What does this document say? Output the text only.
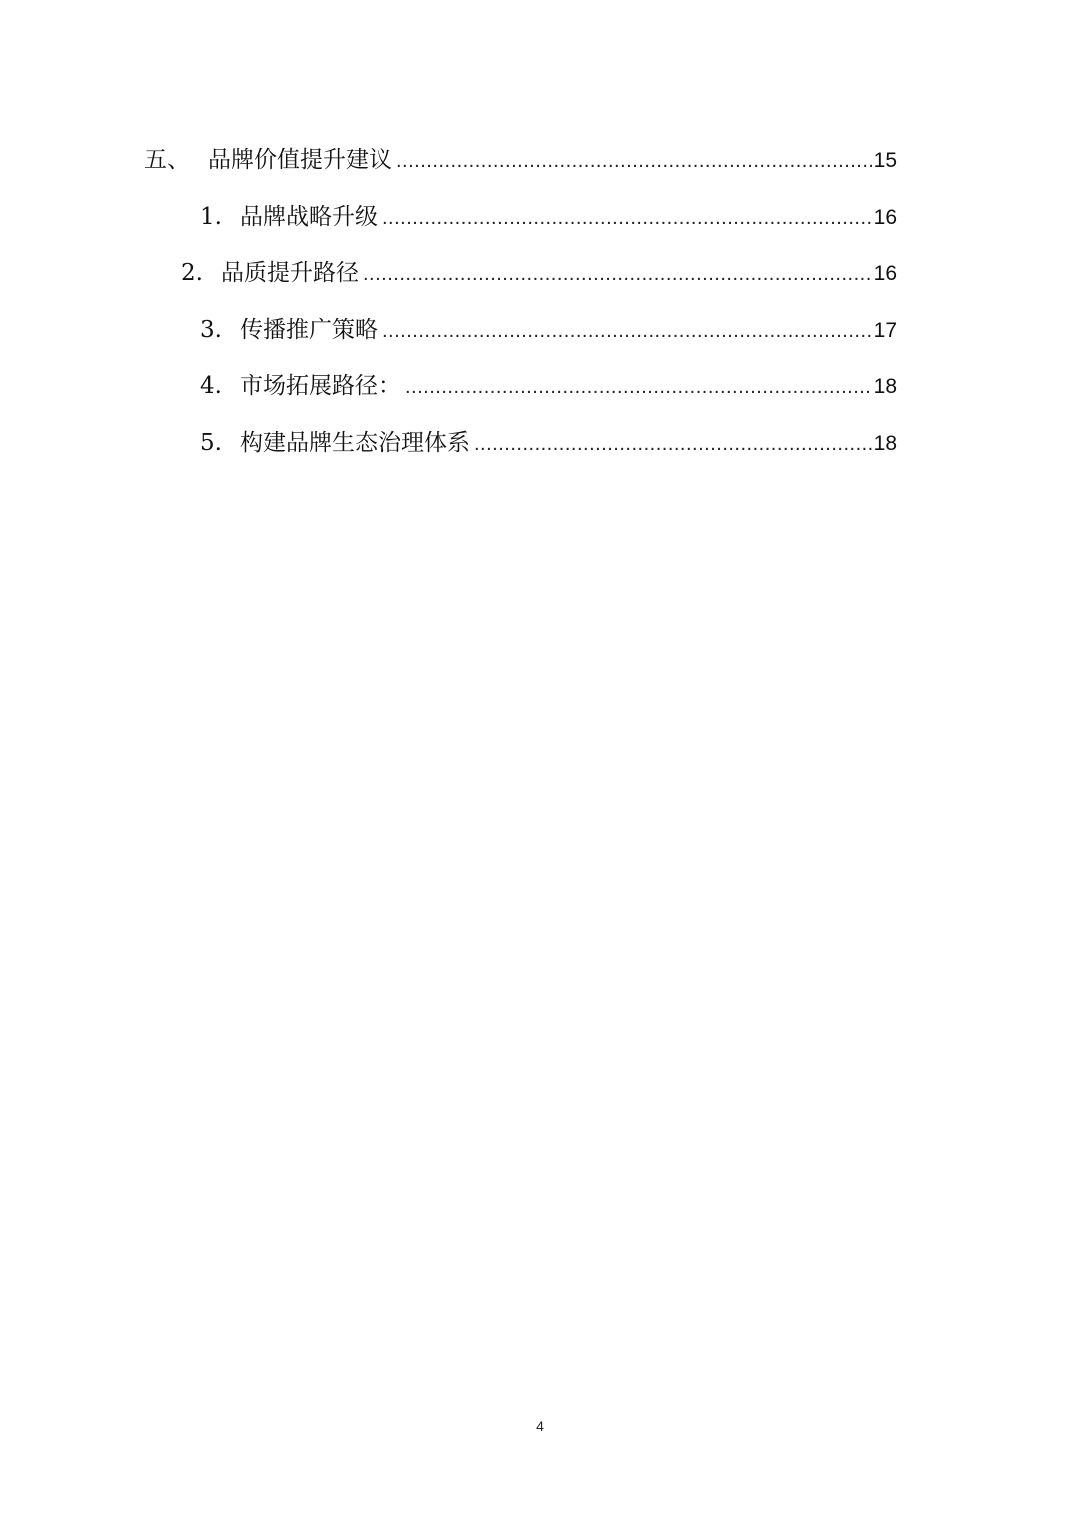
五、 品牌价值提升建议 .....	15
1. 品牌战略升级 .....	16
2. 品质提升路径 .....	16
3. 传播推广策略 .....	17
4. 市场拓展路径： .....	18
5. 构建品牌生态治理体系 .....	18
4
